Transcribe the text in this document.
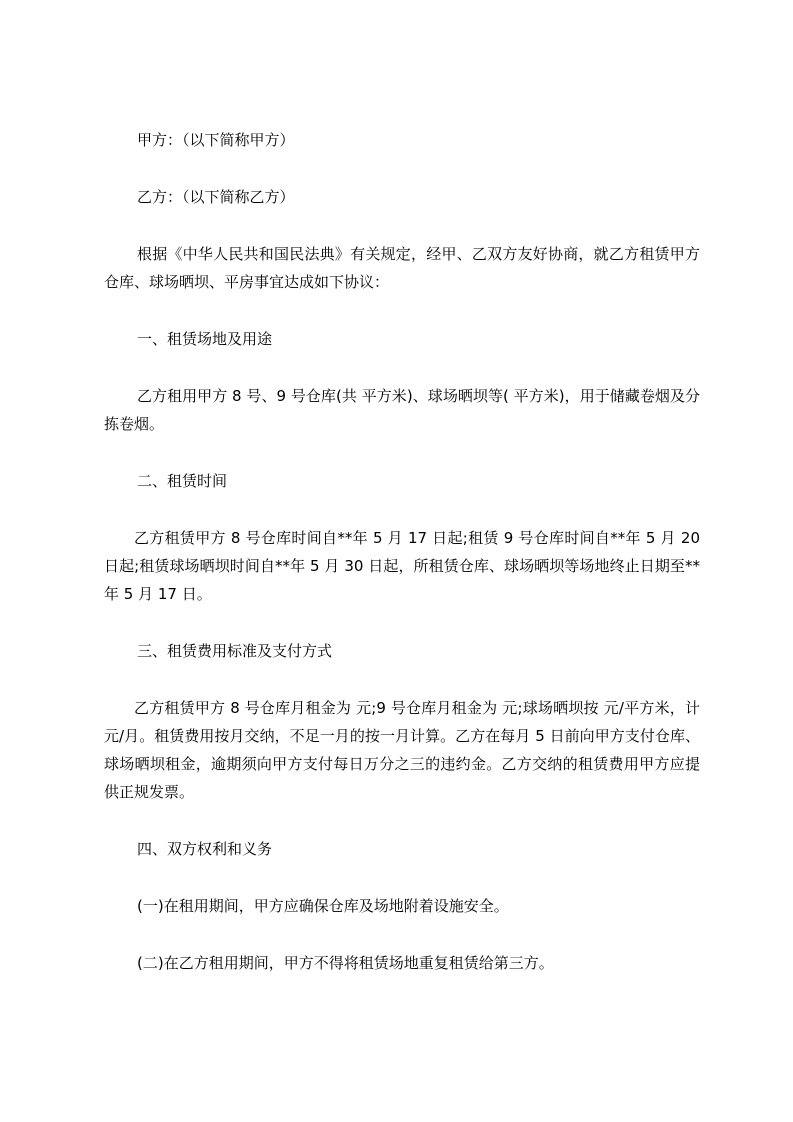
甲方：（以下简称甲方）

乙方：（以下简称乙方）

根据《中华人民共和国民法典》有关规定，经甲、乙双方友好协商，就乙方租赁甲方仓库、球场晒坝、平房事宜达成如下协议：

一、租赁场地及用途

乙方租用甲方 8 号、9 号仓库(共 平方米)、球场晒坝等( 平方米)，用于储藏卷烟及分拣卷烟。

二、租赁时间

乙方租赁甲方 8 号仓库时间自**年 5 月 17 日起;租赁 9 号仓库时间自**年 5 月 20 日起;租赁球场晒坝时间自**年 5 月 30 日起，所租赁仓库、球场晒坝等场地终止日期至**年 5 月 17 日。

三、租赁费用标准及支付方式

乙方租赁甲方 8 号仓库月租金为 元;9 号仓库月租金为 元;球场晒坝按 元/平方米，计 元/月。租赁费用按月交纳，不足一月的按一月计算。乙方在每月 5 日前向甲方支付仓库、球场晒坝租金，逾期须向甲方支付每日万分之三的违约金。乙方交纳的租赁费用甲方应提供正规发票。

四、双方权利和义务

(一)在租用期间，甲方应确保仓库及场地附着设施安全。

(二)在乙方租用期间，甲方不得将租赁场地重复租赁给第三方。
